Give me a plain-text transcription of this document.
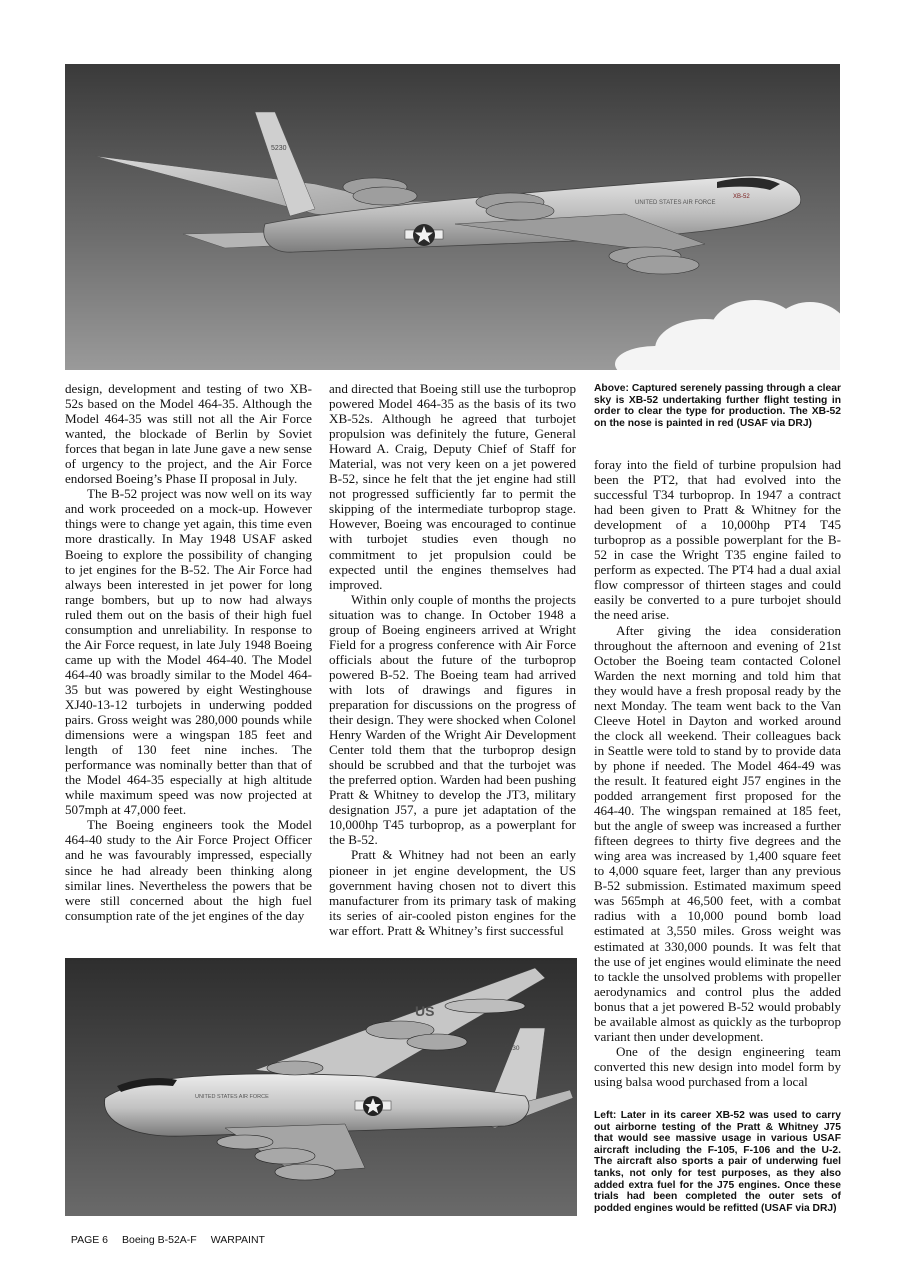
5230
UNITED STATES AIR FORCE
XB-52

design, development and testing of two XB-52s based on the Model 464-35. Although the Model 464-35 was still not all the Air Force wanted, the blockade of Berlin by Soviet forces that began in late June gave a new sense of urgency to the project, and the Air Force endorsed Boeing’s Phase II proposal in July.

The B-52 project was now well on its way and work proceeded on a mock-up. However things were to change yet again, this time even more drastically. In May 1948 USAF asked Boeing to explore the possibility of changing to jet engines for the B-52. The Air Force had always been interested in jet power for long range bombers, but up to now had always ruled them out on the basis of their high fuel consumption and unreliability. In response to the Air Force request, in late July 1948 Boeing came up with the Model 464-40. The Model 464-40 was broadly similar to the Model 464-35 but was powered by eight Westinghouse XJ40-13-12 turbojets in underwing podded pairs. Gross weight was 280,000 pounds while dimensions were a wingspan 185 feet and length of 130 feet nine inches. The performance was nominally better than that of the Model 464-35 especially at high altitude while maximum speed was now projected at 507mph at 47,000 feet.

The Boeing engineers took the Model 464-40 study to the Air Force Project Officer and he was favourably impressed, especially since he had already been thinking along similar lines. Nevertheless the powers that be were still concerned about the high fuel consumption rate of the jet engines of the day

and directed that Boeing still use the turboprop powered Model 464-35 as the basis of its two XB-52s. Although he agreed that turbojet propulsion was definitely the future, General Howard A. Craig, Deputy Chief of Staff for Material, was not very keen on a jet powered B-52, since he felt that the jet engine had still not progressed sufficiently far to permit the skipping of the intermediate turboprop stage. However, Boeing was encouraged to continue with turbojet studies even though no commitment to jet propulsion could be expected until the engines themselves had improved.

Within only couple of months the projects situation was to change. In October 1948 a group of Boeing engineers arrived at Wright Field for a progress conference with Air Force officials about the future of the turboprop powered B-52. The Boeing team had arrived with lots of drawings and figures in preparation for discussions on the progress of their design. They were shocked when Colonel Henry Warden of the Wright Air Development Center told them that the turboprop design should be scrubbed and that the turbojet was the preferred option. Warden had been pushing Pratt & Whitney to develop the JT3, military designation J57, a pure jet adaptation of the 10,000hp T45 turboprop, as a powerplant for the B-52.

Pratt & Whitney had not been an early pioneer in jet engine development, the US government having chosen not to divert this manufacturer from its primary task of making its series of air-cooled piston engines for the war effort. Pratt & Whitney’s first successful

Above: Captured serenely passing through a clear sky is XB-52 undertaking further flight testing in order to clear the type for production. The XB-52 on the nose is painted in red (USAF via DRJ)

foray into the field of turbine propulsion had been the PT2, that had evolved into the successful T34 turboprop. In 1947 a contract had been given to Pratt & Whitney for the development of a 10,000hp PT4 T45 turboprop as a possible powerplant for the B-52 in case the Wright T35 engine failed to perform as expected. The PT4 had a dual axial flow compressor of thirteen stages and could easily be converted to a pure turbojet should the need arise.

After giving the idea consideration throughout the afternoon and evening of 21st October the Boeing team contacted Colonel Warden the next morning and told him that they would have a fresh proposal ready by the next Monday. The team went back to the Van Cleeve Hotel in Dayton and worked around the clock all weekend. Their colleagues back in Seattle were told to stand by to provide data by phone if needed. The Model 464-49 was the result. It featured eight J57 engines in the podded arrangement first proposed for the 464-40. The wingspan remained at 185 feet, but the angle of sweep was increased a further fifteen degrees to thirty five degrees and the wing area was increased by 1,400 square feet to 4,000 square feet, larger than any previous B-52 submission. Estimated maximum speed was 565mph at 46,500 feet, with a combat radius with a 10,000 pound bomb load estimated at 3,550 miles. Gross weight was estimated at 330,000 pounds. It was felt that the use of jet engines would eliminate the need to tackle the unsolved problems with propeller aerodynamics and control plus the added bonus that a jet powered B-52 would probably be available almost as quickly as the turboprop variant then under development.

One of the design engineering team converted this new design into model form by using balsa wood purchased from a local

5230
UNITED STATES AIR FORCE
US
Left: Later in its career XB-52 was used to carry out airborne testing of the Pratt & Whitney J75 that would see massive usage in various USAF aircraft including the F-105, F-106 and the U-2. The aircraft also sports a pair of underwing fuel tanks, not only for test purposes, as they also added extra fuel for the J75 engines. Once these trials had been completed the outer sets of podded engines would be refitted (USAF via DRJ)

PAGE 6 Boeing B-52A-F WARPAINT
